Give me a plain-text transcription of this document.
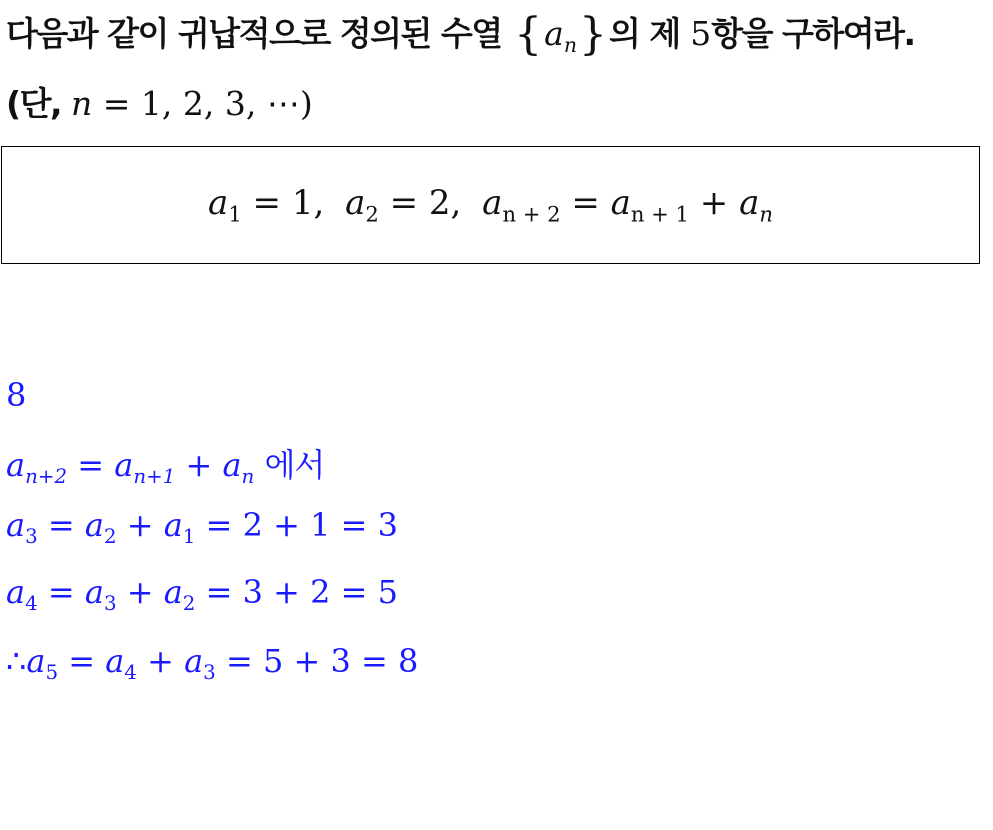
다음과 같이 귀납적으로 정의된 수열 $\{a_n\}$의 제 5항을 구하여라.
(단, n = 1, 2, 3, ⋯)
$a_1 = 1$, $a_2 = 2$, $a_{n + 2} = a_{n + 1} + a_n$
8
$a_{n+2} = a_{n+1} + a_n$ 에서
$a_3 = a_2 + a_1 = 2 + 1 = 3$
$a_4 = a_3 + a_2 = 3 + 2 = 5$
$\therefore a_5 = a_4 + a_3 = 5 + 3 = 8$
